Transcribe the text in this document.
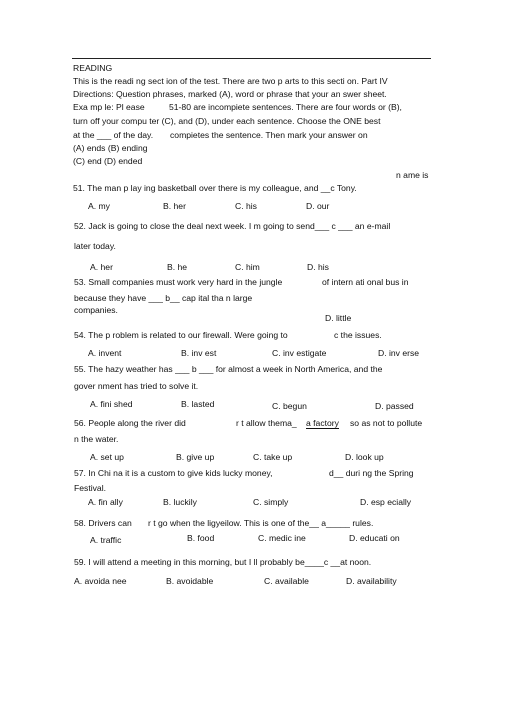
READING
This is the readi ng sect ion of the test. There are two p arts to this secti on. Part IV
Directions: Question phrases, marked (A), word or phrase that your an swer sheet.
Exa mp le: Pl ease	51-80 are incompiete sentences. There are four words or (B),
turn off your compu ter (C), and (D), under each sentence. Choose the ONE best
at the ___ of the day. compietes the sentence. Then mark your answer on
(A) ends (B) ending
(C) end (D) ended
n ame is
51. The man p lay ing basketball over there is my colleague, and __c Tony.
A. my	B. her	C. his	D. our
52. Jack is going to close the deal next week. I m going to send___ c ___ an e-mail
later today.
A. her	B. he	C. him	D. his
53. Small companies must work very hard in the jungle	of intern ati onal bus in
because they have ___ b__ cap ital tha n large
companies.
D. little
54. The p roblem is related to our firewall. Were going to	c the issues.
A. invent	B. inv est	C. inv estigate	D. inv erse
55. The hazy weather has ___ b ___ for almost a week in North America, and the
gover nment has tried to solve it.
A. fini shed	B. lasted	C. begun	D. passed
56. People along the river did	r t allow thema_ a factory so as not to pollute
n the water.
A. set up	B. give up	C. take up	D. look up
57. In Chi na it is a custom to give kids lucky money,	d__ duri ng the Spring
Festival.
A. fin ally	B. luckily	C. simply	D. esp ecially
58. Drivers can r t go when the ligyeilow. This is one of the__ a_____ rules.
A. traffic	B. food	C. medic ine	D. educati on
59. I will attend a meeting in this morning, but I ll probably be____c __at noon.
A. avoida nee	B. avoidable	C. available	D. availability
